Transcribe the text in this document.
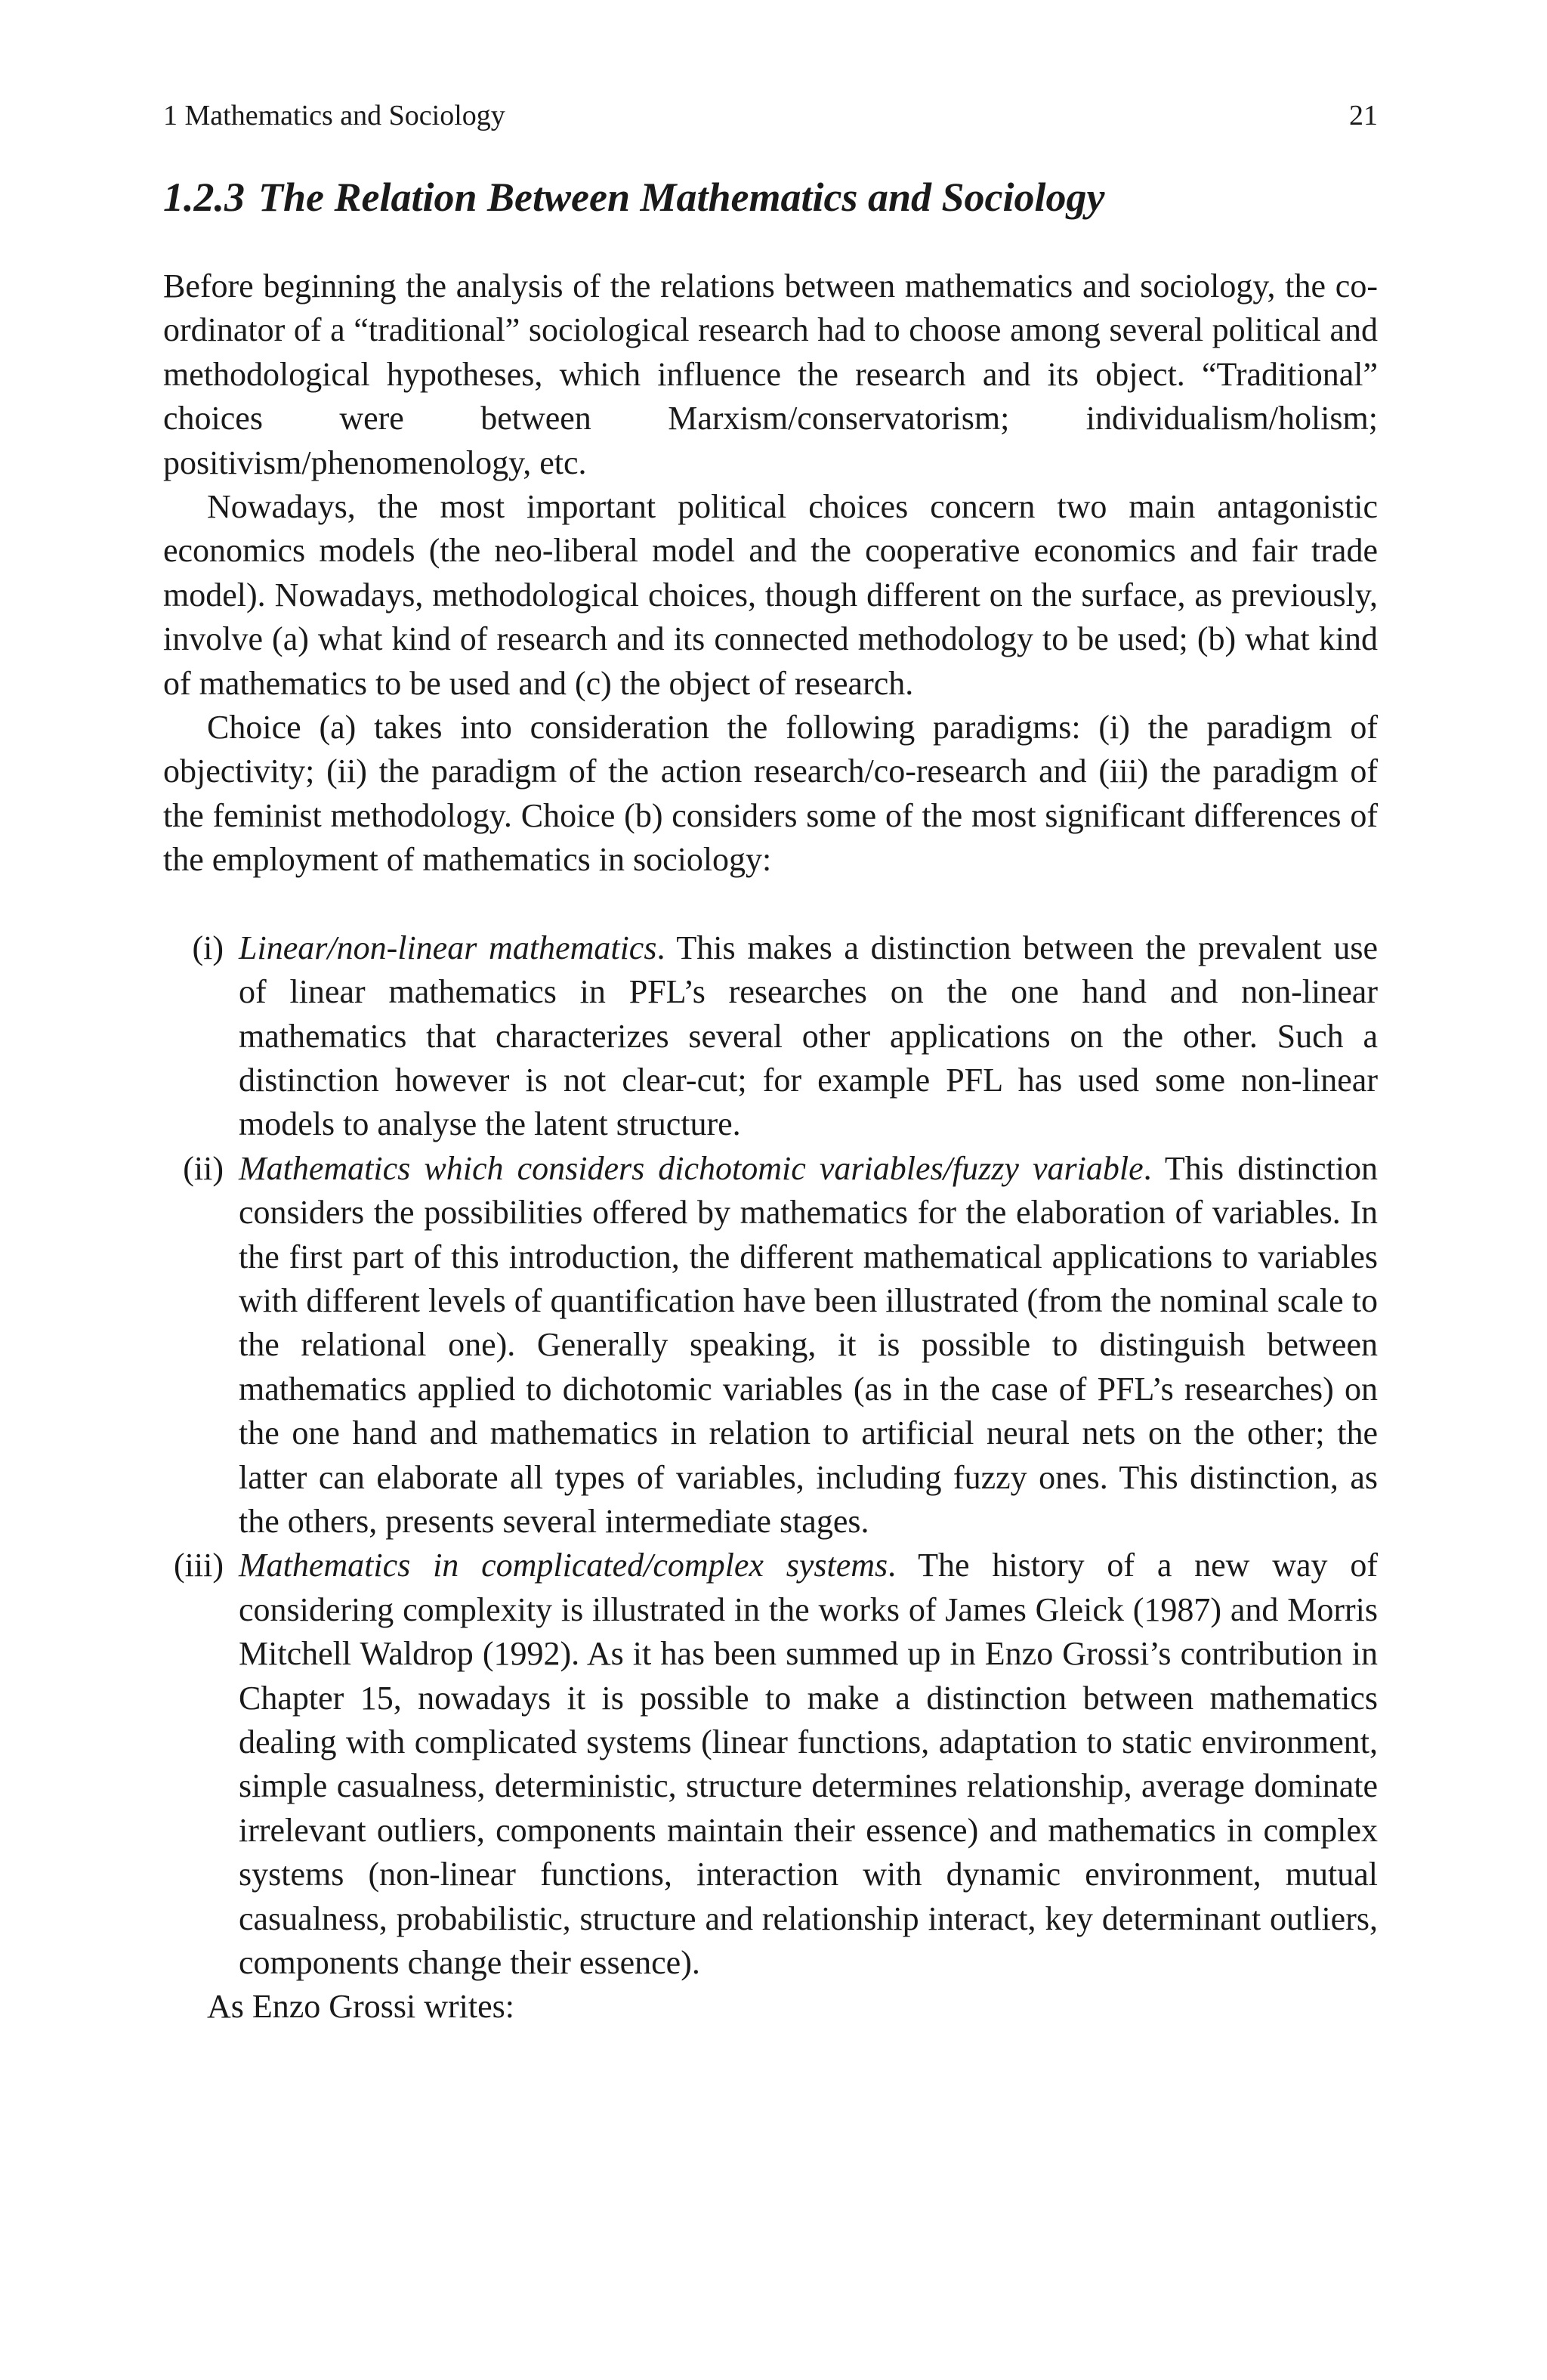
1 Mathematics and Sociology	21
1.2.3 The Relation Between Mathematics and Sociology

Before beginning the analysis of the relations between mathematics and sociology, the co-ordinator of a “traditional” sociological research had to choose among several political and methodological hypotheses, which influence the research and its object. “Traditional” choices were between Marxism/conservatorism; individualism/holism; positivism/phenomenology, etc.

Nowadays, the most important political choices concern two main antagonistic economics models (the neo-liberal model and the cooperative economics and fair trade model). Nowadays, methodological choices, though different on the surface, as previously, involve (a) what kind of research and its connected methodology to be used; (b) what kind of mathematics to be used and (c) the object of research.

Choice (a) takes into consideration the following paradigms: (i) the paradigm of objectivity; (ii) the paradigm of the action research/co-research and (iii) the paradigm of the feminist methodology. Choice (b) considers some of the most significant differences of the employment of mathematics in sociology:

(i) Linear/non-linear mathematics. This makes a distinction between the prevalent use of linear mathematics in PFL’s researches on the one hand and non-linear mathematics that characterizes several other applications on the other. Such a distinction however is not clear-cut; for example PFL has used some non-linear models to analyse the latent structure.
(ii) Mathematics which considers dichotomic variables/fuzzy variable. This distinction considers the possibilities offered by mathematics for the elaboration of variables. In the first part of this introduction, the different mathematical applications to variables with different levels of quantification have been illustrated (from the nominal scale to the relational one). Generally speaking, it is possible to distinguish between mathematics applied to dichotomic variables (as in the case of PFL’s researches) on the one hand and mathematics in relation to artificial neural nets on the other; the latter can elaborate all types of variables, including fuzzy ones. This distinction, as the others, presents several intermediate stages.
(iii) Mathematics in complicated/complex systems. The history of a new way of considering complexity is illustrated in the works of James Gleick (1987) and Morris Mitchell Waldrop (1992). As it has been summed up in Enzo Grossi’s contribution in Chapter 15, nowadays it is possible to make a distinction between mathematics dealing with complicated systems (linear functions, adaptation to static environment, simple casualness, deterministic, structure determines relationship, average dominate irrelevant outliers, components maintain their essence) and mathematics in complex systems (non-linear functions, interaction with dynamic environment, mutual casualness, probabilistic, structure and relationship interact, key determinant outliers, components change their essence).

As Enzo Grossi writes:
